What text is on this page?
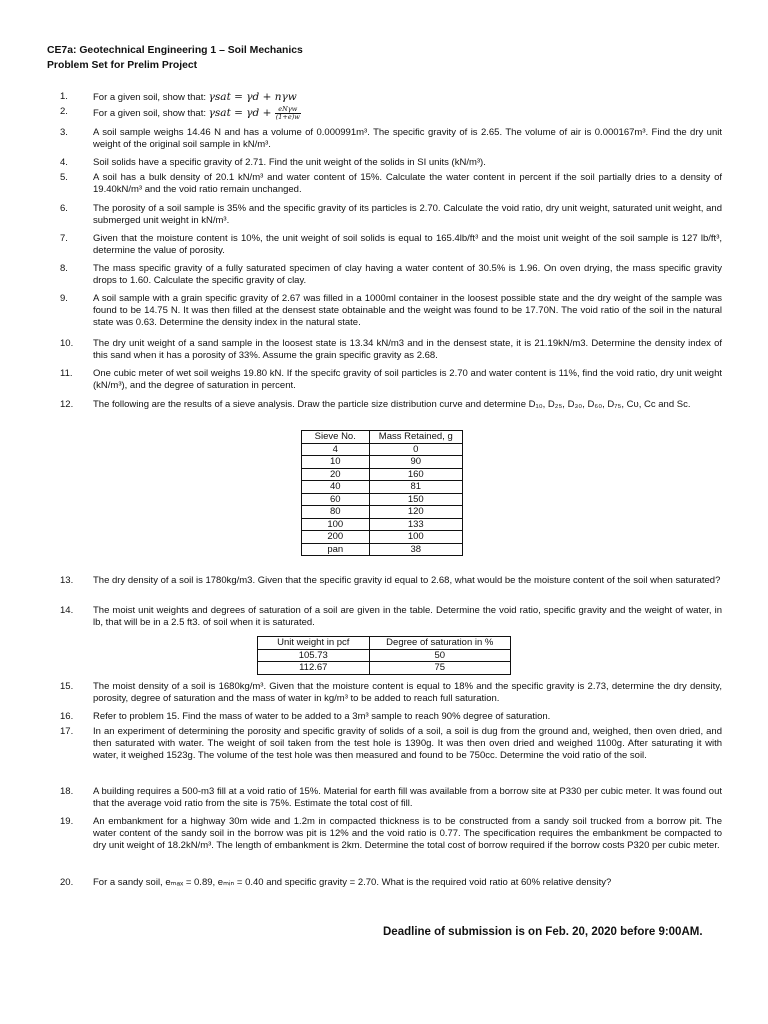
CE7a: Geotechnical Engineering 1 – Soil Mechanics
Problem Set for Prelim Project
1.	For a given soil, show that: γsat = γd + nγw
2.	For a given soil, show that: $\gamma sat = \gamma d + \frac{\text{eNγw}}{(1+e)w}$
3.	A soil sample weighs 14.46 N and has a volume of 0.000991m³. The specific gravity of is 2.65. The volume of air is 0.000167m³. Find the dry unit weight of the original soil sample in kN/m³.
4.	Soil solids have a specific gravity of 2.71. Find the unit weight of the solids in SI units (kN/m³).
5.	A soil has a bulk density of 20.1 kN/m³ and water content of 15%. Calculate the water content in percent if the soil partially dries to a density of 19.40kN/m³ and the void ratio remain unchanged.
6.	The porosity of a soil sample is 35% and the specific gravity of its particles is 2.70. Calculate the void ratio, dry unit weight, saturated unit weight, and submerged unit weight in kN/m³.
7.	Given that the moisture content is 10%, the unit weight of soil solids is equal to 165.4lb/ft³ and the moist unit weight of the soil sample is 127 lb/ft³, determine the value of porosity.
8.	The mass specific gravity of a fully saturated specimen of clay having a water content of 30.5% is 1.96. On oven drying, the mass specific gravity drops to 1.60. Calculate the specific gravity of clay.
9.	A soil sample with a grain specific gravity of 2.67 was filled in a 1000ml container in the loosest possible state and the dry weight of the sample was found to be 14.75 N. It was then filled at the densest state obtainable and the weight was found to be 17.70N. The void ratio of the soil in the natural state was 0.63. Determine the density index in the natural state.
10.	The dry unit weight of a sand sample in the loosest state is 13.34 kN/m3 and in the densest state, it is 21.19kN/m3. Determine the density index of this sand when it has a porosity of 33%. Assume the grain specific gravity as 2.68.
11.	One cubic meter of wet soil weighs 19.80 kN. If the specifc gravity of soil particles is 2.70 and water content is 11%, find the void ratio, dry unit weight (kN/m³), and the degree of saturation in percent.
12.	The following are the results of a sieve analysis. Draw the particle size distribution curve and determine D₁₀, D₂₅, D₃₀, D₆₀, D₇₅, Cᴜ, Cᴄ and Sc.
Sieve No.	Mass Retained, g
4	0
10	90
20	160
40	81
60	150
80	120
100	133
200	100
pan	38
13.	The dry density of a soil is 1780kg/m3. Given that the specific gravity id equal to 2.68, what would be the moisture content of the soil when saturated?
14.	The moist unit weights and degrees of saturation of a soil are given in the table. Determine the void ratio, specific gravity and the weight of water, in lb, that will be in a 2.5 ft3. of soil when it is saturated.
Unit weight in pcf	Degree of saturation in %
105.73	50
112.67	75
15.	The moist density of a soil is 1680kg/m³. Given that the moisture content is equal to 18% and the specific gravity is 2.73, determine the dry density, porosity, degree of saturation and the mass of water in kg/m³ to be added to reach full saturation.
16.	Refer to problem 15. Find the mass of water to be added to a 3m³ sample to reach 90% degree of saturation.
17.	In an experiment of determining the porosity and specific gravity of solids of a soil, a soil is dug from the ground and, weighed, then oven dried, and then saturated with water. The weight of soil taken from the test hole is 1390g. It was then oven dried and weighed 1100g. After saturating it with water, it weighed 1523g. The volume of the test hole was then measured and found to be 750cc. Determine the void ratio of the soil.
18.	A building requires a 500-m3 fill at a void ratio of 15%. Material for earth fill was available from a borrow site at P330 per cubic meter. It was found out that the average void ratio from the site is 75%. Estimate the total cost of fill.
19.	An embankment for a highway 30m wide and 1.2m in compacted thickness is to be constructed from a sandy soil trucked from a borrow pit. The water content of the sandy soil in the borrow was pit is 12% and the void ratio is 0.77. The specification requires the embankment be compacted to dry unit weight of 18.2kN/m³. The length of embankment is 2km. Determine the total cost of borrow required if the borrow costs P320 per cubic meter.
20.	For a sandy soil, eₘₐₓ = 0.89, eₘᵢₙ = 0.40 and specific gravity = 2.70. What is the required void ratio at 60% relative density?
Deadline of submission is on Feb. 20, 2020 before 9:00AM.
